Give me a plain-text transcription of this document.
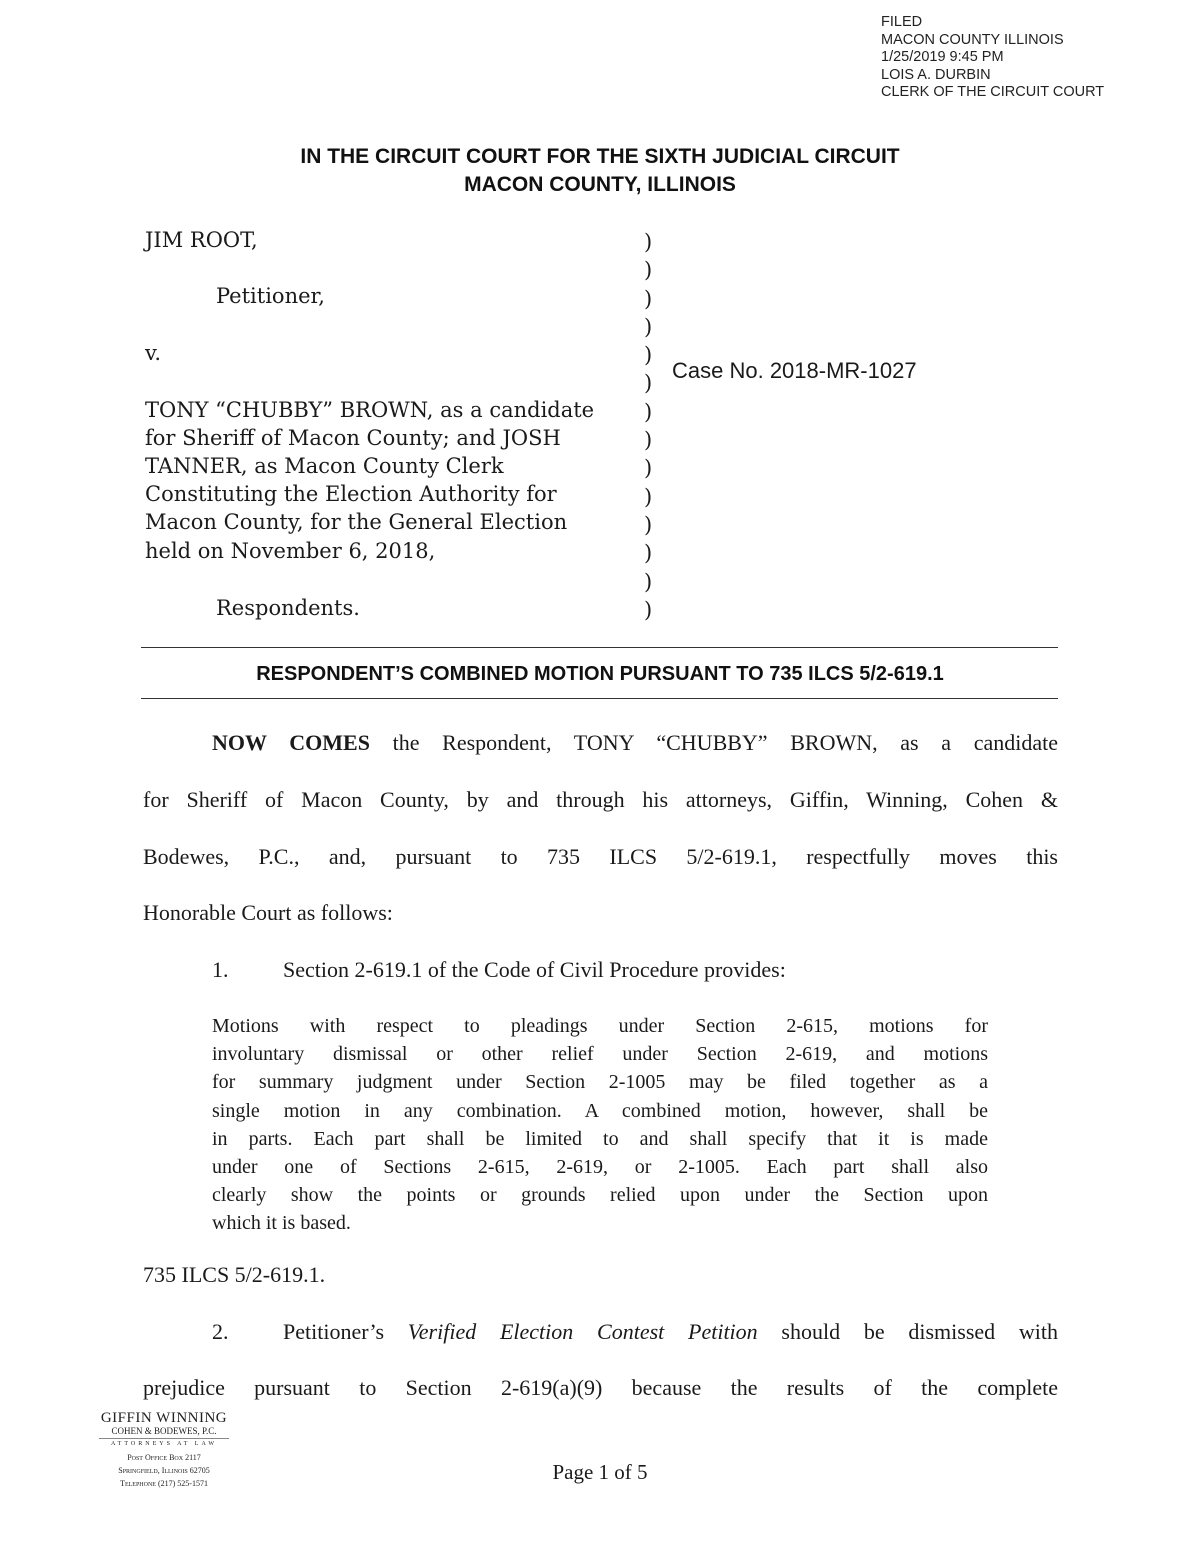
FILED
MACON COUNTY ILLINOIS
1/25/2019 9:45 PM
LOIS A. DURBIN
CLERK OF THE CIRCUIT COURT
IN THE CIRCUIT COURT FOR THE SIXTH JUDICIAL CIRCUIT
MACON COUNTY, ILLINOIS
JIM ROOT,
Petitioner,
v.
TONY “CHUBBY” BROWN, as a candidate
for Sheriff of Macon County; and JOSH
TANNER, as Macon County Clerk
Constituting the Election Authority for
Macon County, for the General Election
held on November 6, 2018,
Respondents.
)
)
)
)
)
)
)
)
)
)
)
)
)
)
Case No. 2018-MR-1027
RESPONDENT’S COMBINED MOTION PURSUANT TO 735 ILCS 5/2-619.1
NOW COMES the Respondent, TONY “CHUBBY” BROWN, as a candidate
for Sheriff of Macon County, by and through his attorneys, Giffin, Winning, Cohen &
Bodewes, P.C., and, pursuant to 735 ILCS 5/2-619.1, respectfully moves this
Honorable Court as follows:
1.	Section 2-619.1 of the Code of Civil Procedure provides:
Motions with respect to pleadings under Section 2-615, motions for
involuntary dismissal or other relief under Section 2-619, and motions
for summary judgment under Section 2-1005 may be filed together as a
single motion in any combination. A combined motion, however, shall be
in parts. Each part shall be limited to and shall specify that it is made
under one of Sections 2-615, 2-619, or 2-1005. Each part shall also
clearly show the points or grounds relied upon under the Section upon
which it is based.
735 ILCS 5/2-619.1.
2.	Petitioner’s Verified Election Contest Petition should be dismissed with
prejudice pursuant to Section 2-619(a)(9) because the results of the complete
GIFFIN WINNING
COHEN & BODEWES, P.C.
ATTORNEYS AT LAW
Post Office Box 2117
Springfield, Illinois 62705
Telephone (217) 525-1571	Page 1 of 5
